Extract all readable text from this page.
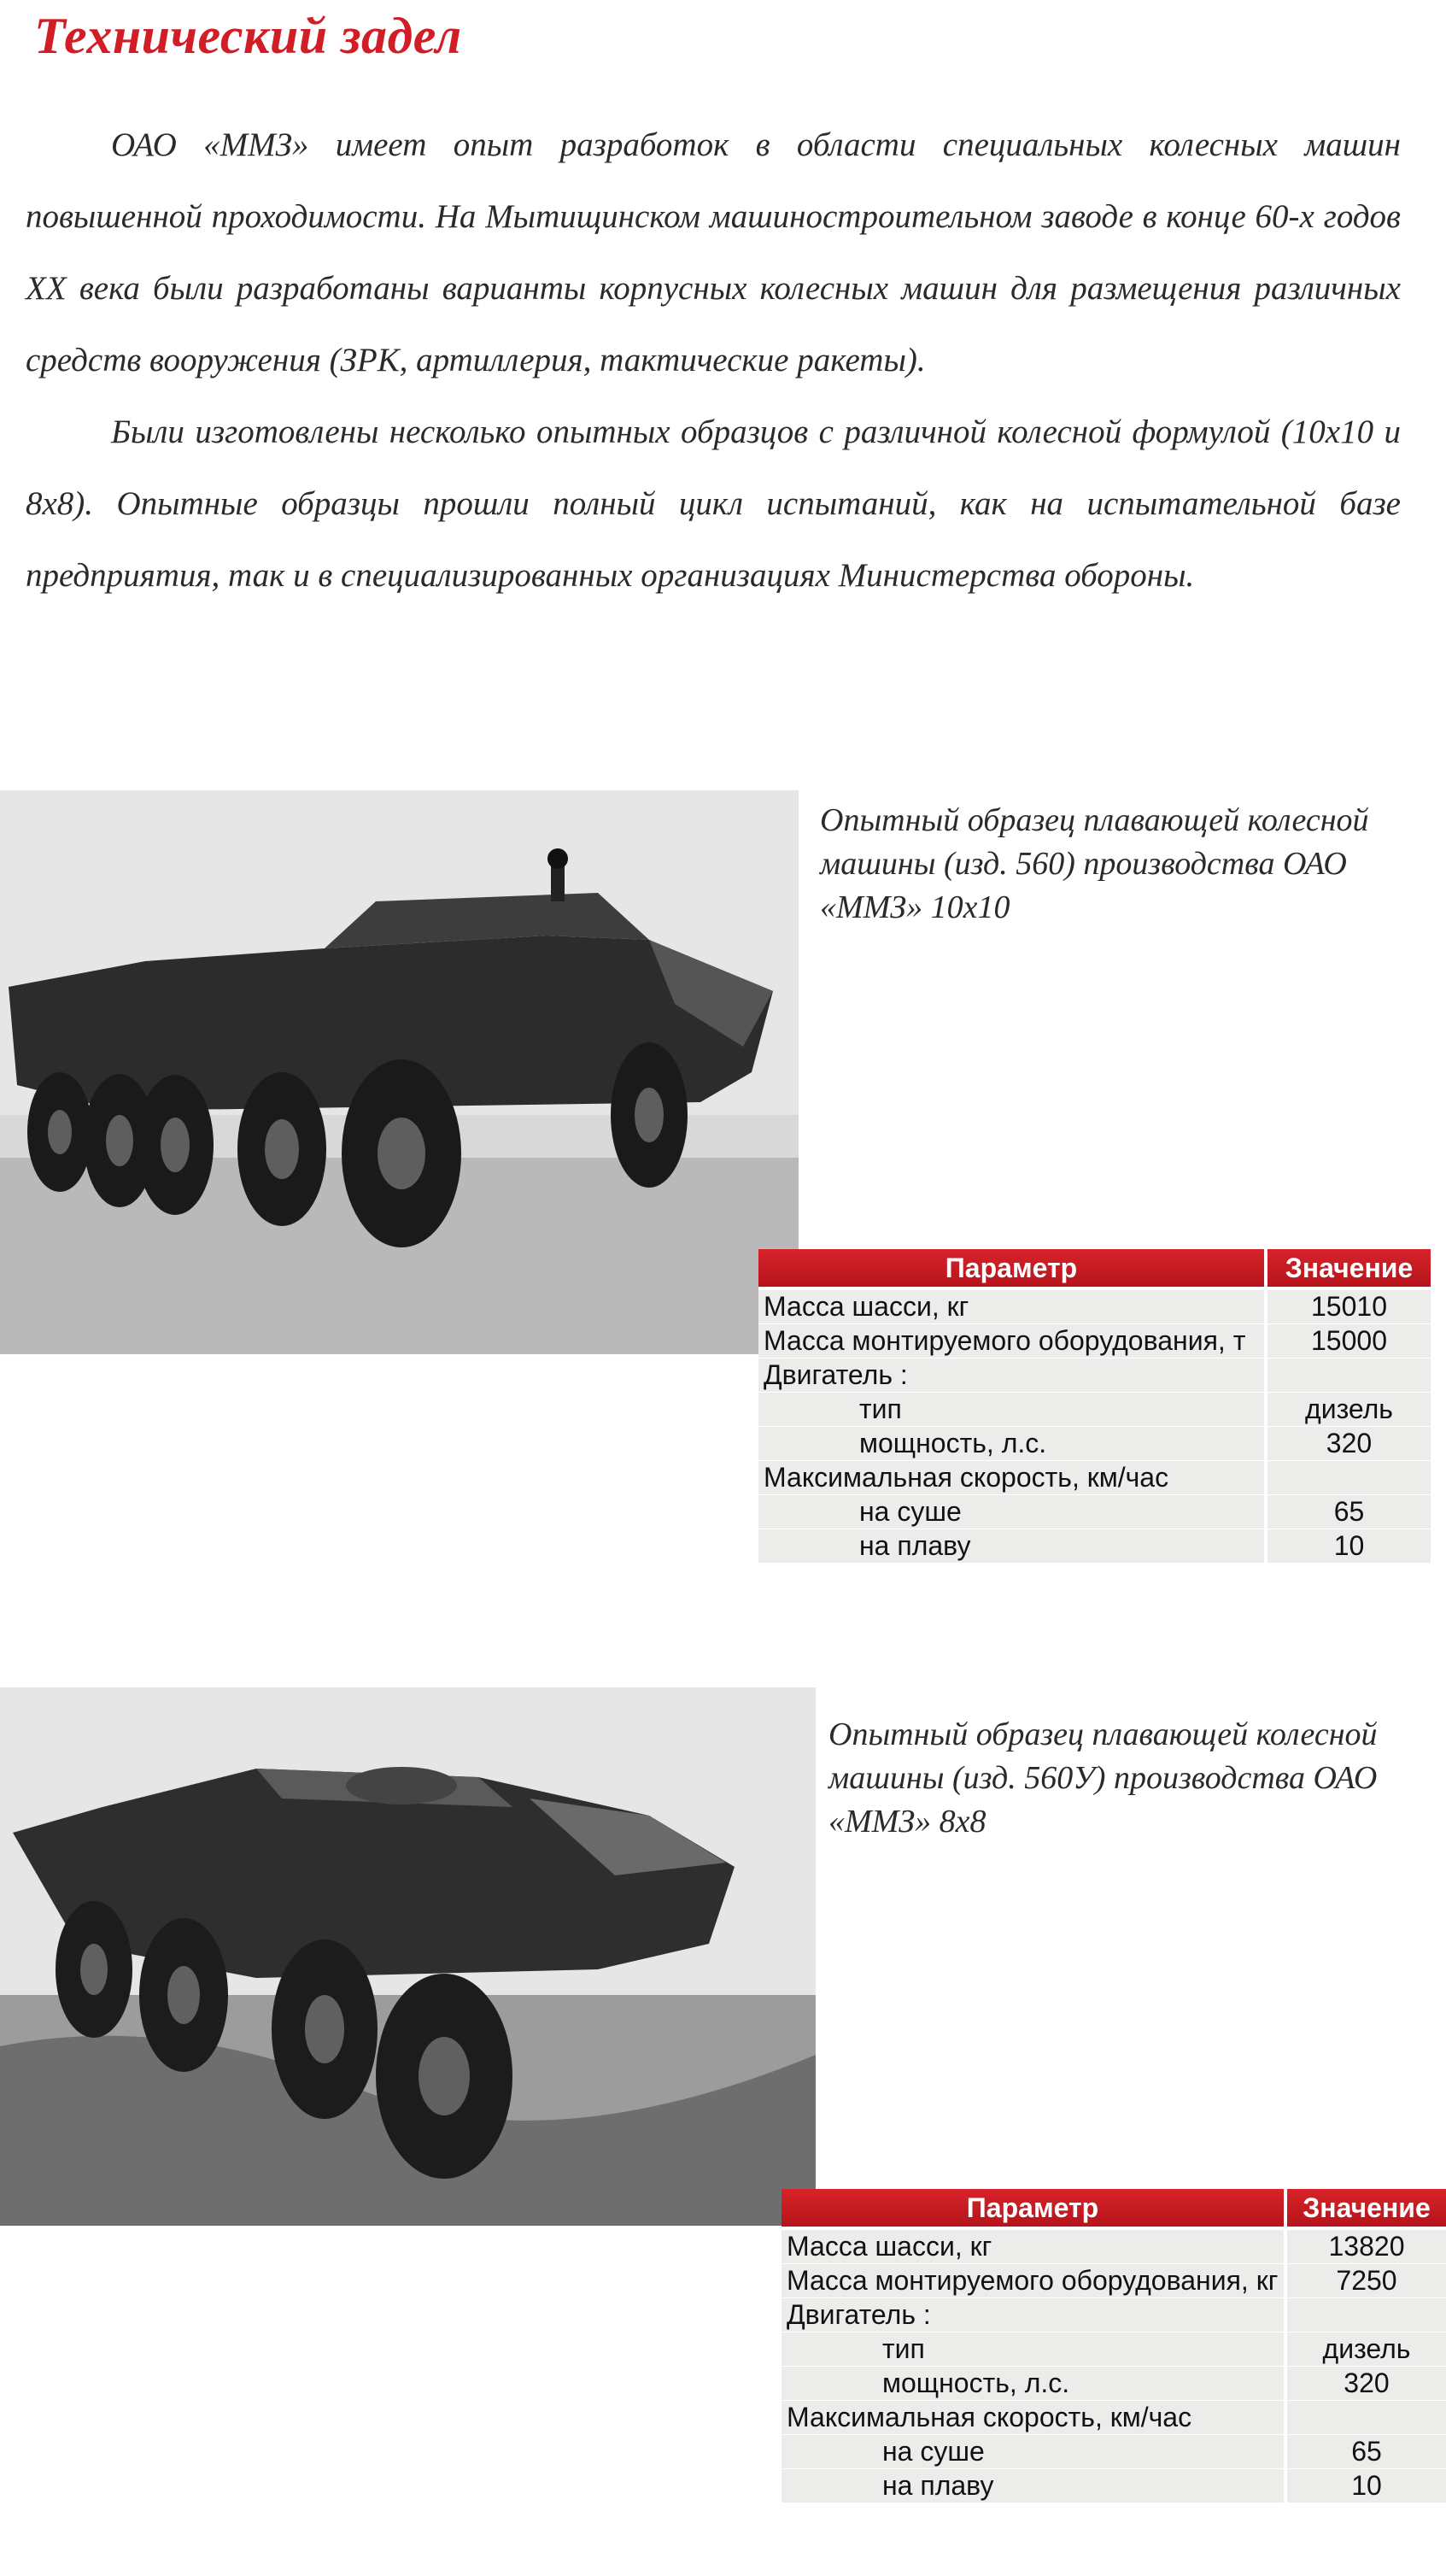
Технический задел

ОАО «ММЗ» имеет опыт разработок в области специальных колесных машин повышенной проходимости. На Мытищинском машиностроительном заводе в конце 60-х годов XX века были разработаны варианты корпусных колесных машин для размещения различных средств вооружения (ЗРК, артиллерия, тактические ракеты).

Были изготовлены несколько опытных образцов с различной колесной формулой (10х10 и 8х8). Опытные образцы прошли полный цикл испытаний, как на испытательной базе предприятия, так и в специализированных организациях Министерства обороны.

Опытный образец плавающей колесной машины (изд. 560) производства ОАО «ММЗ» 10х10
Параметр	Значение
Масса шасси, кг	15010
Масса монтируемого оборудования, т	15000
Двигатель :	
тип	дизель
мощность, л.с.	320
Максимальная скорость, км/час	
на суше	65
на плаву	10
Опытный образец плавающей колесной машины (изд. 560У) производства ОАО «ММЗ» 8х8
Параметр	Значение
Масса шасси, кг	13820
Масса монтируемого оборудования, кг	7250
Двигатель :	
тип	дизель
мощность, л.с.	320
Максимальная скорость, км/час	
на суше	65
на плаву	10
